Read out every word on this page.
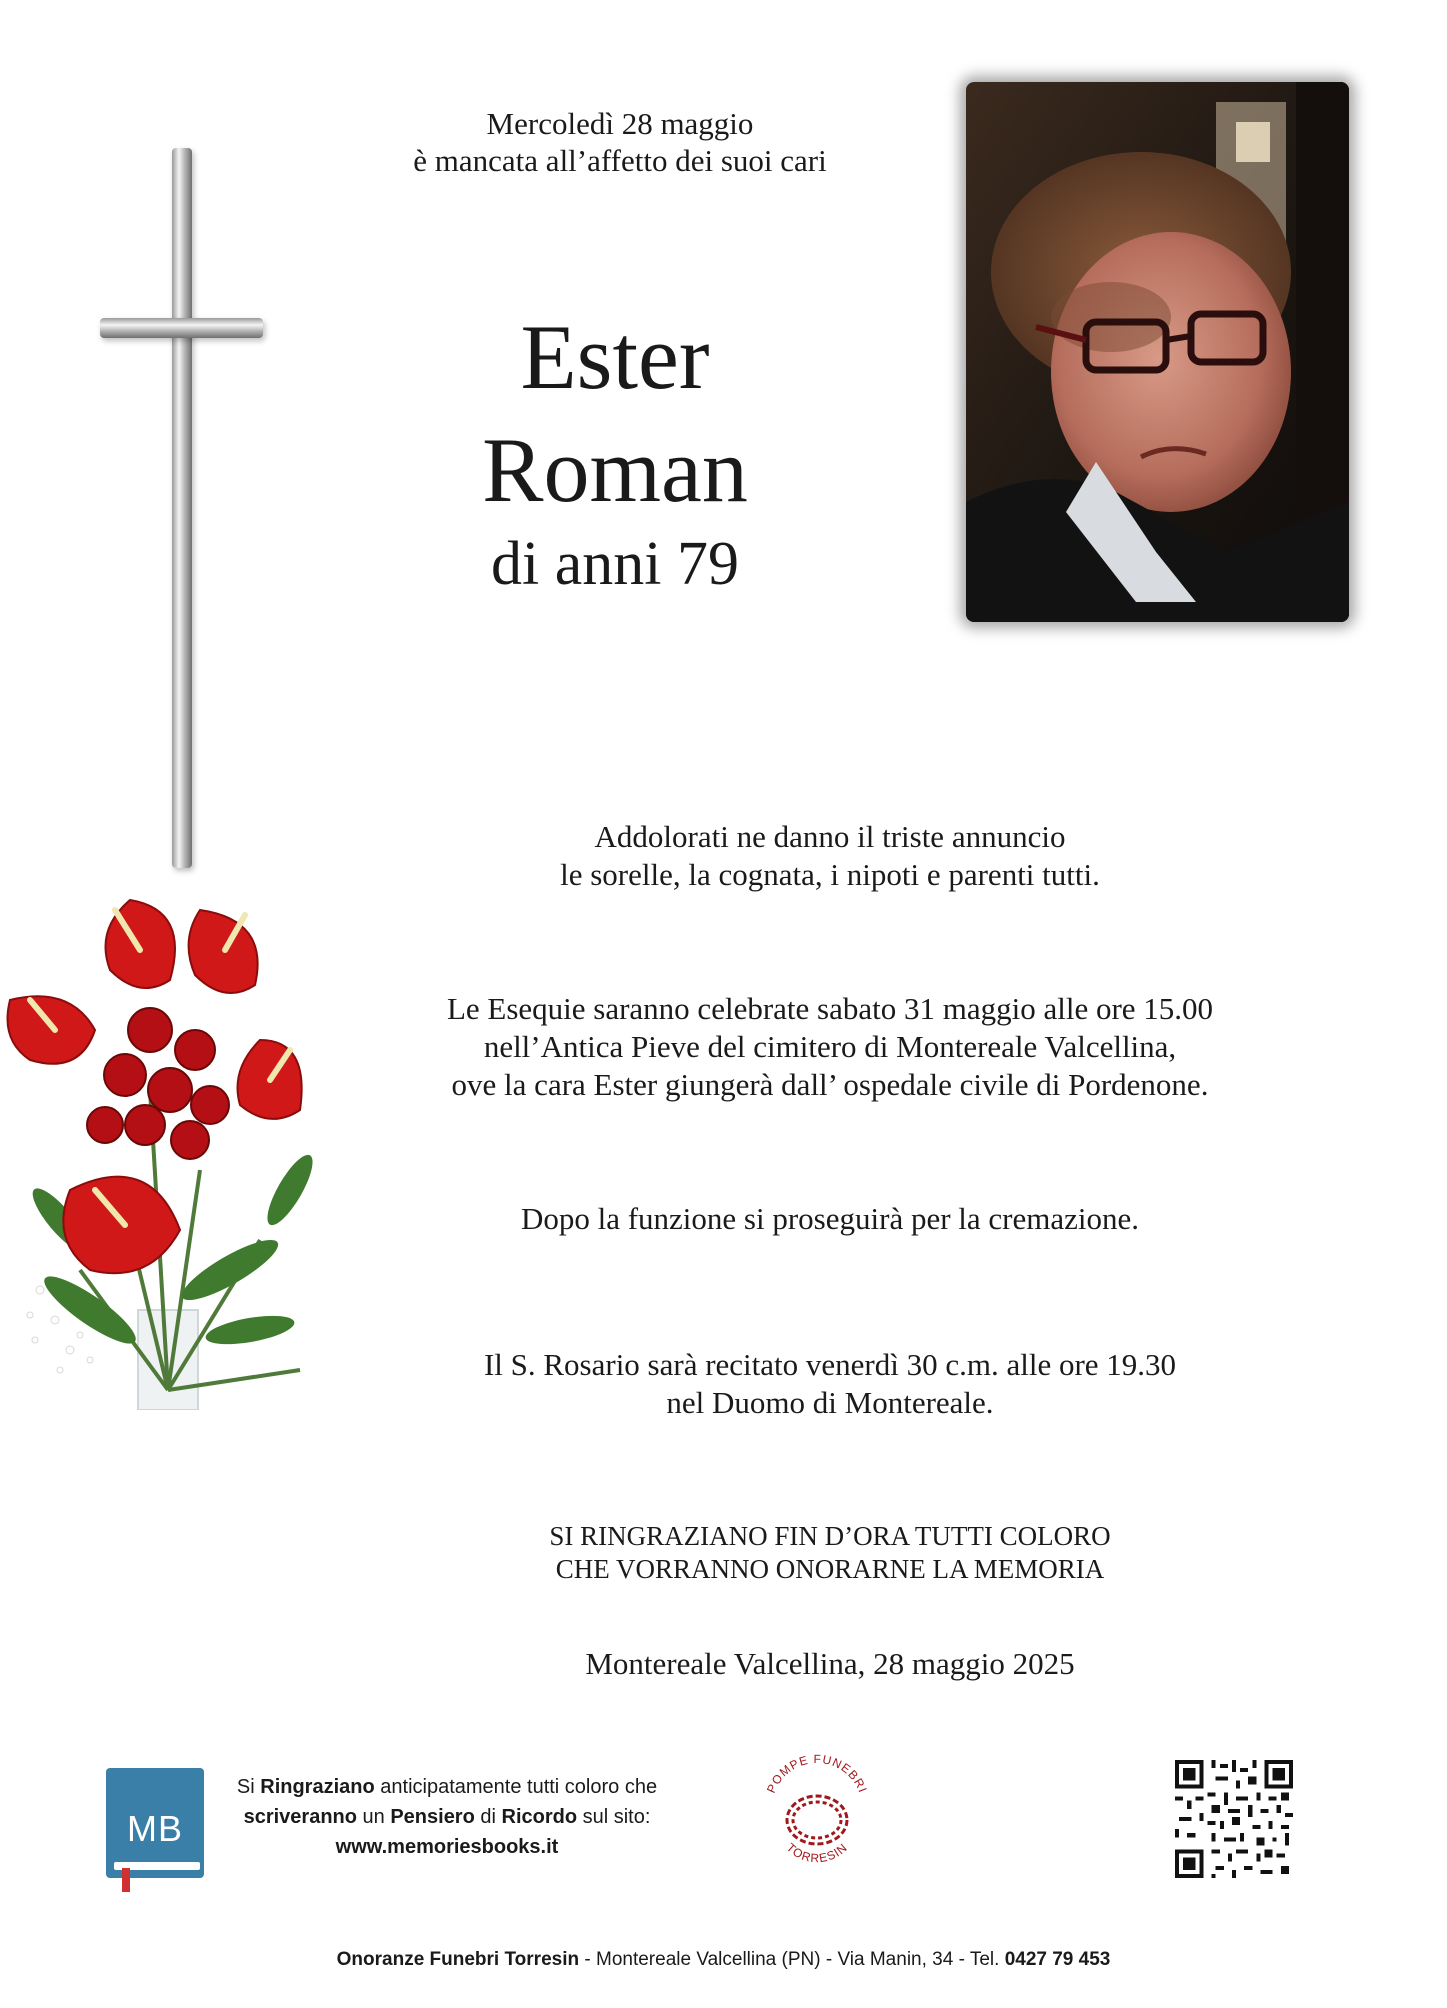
Mercoledì 28 maggio
è mancata all’affetto dei suoi cari
Ester
Roman
di anni 79
Addolorati ne danno il triste annuncio
le sorelle, la cognata, i nipoti e parenti tutti.
Le Esequie saranno celebrate sabato 31 maggio alle ore 15.00
nell’Antica Pieve del cimitero di Montereale Valcellina,
ove la cara Ester giungerà dall’ ospedale civile di Pordenone.
Dopo la funzione si proseguirà per la cremazione.
Il S. Rosario sarà recitato venerdì 30 c.m. alle ore 19.30
nel Duomo di Montereale.
SI RINGRAZIANO FIN D’ORA TUTTI COLORO
CHE VORRANNO ONORARNE LA MEMORIA
Montereale Valcellina, 28 maggio 2025
MB
Si Ringraziano anticipatamente tutti coloro che
scriveranno un Pensiero di Ricordo sul sito:
www.memoriesbooks.it
POMPE FUNEBRI
TORRESIN
Onoranze Funebri Torresin - Montereale Valcellina (PN) - Via Manin, 34 - Tel. 0427 79 453
